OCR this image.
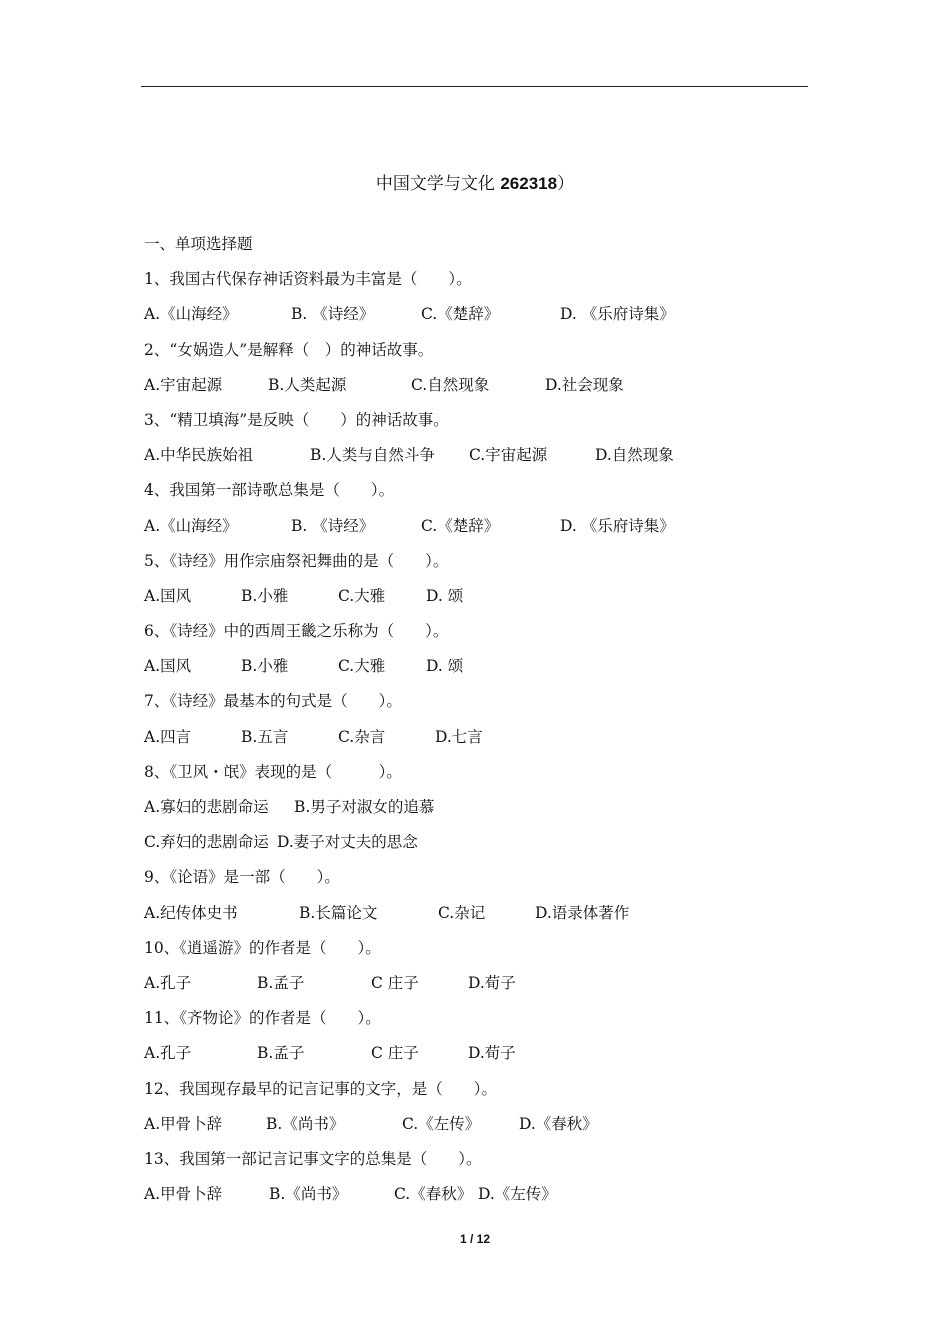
中国文学与文化 262318）
一、单项选择题
1、我国古代保存神话资料最为丰富是（　　）。
A.《山海经》	B. 《诗经》	C.《楚辞》	D. 《乐府诗集》
2、“女娲造人”是解释（　）的神话故事。
A.宇宙起源	B.人类起源	C.自然现象	D.社会现象
3、“精卫填海”是反映（　　）的神话故事。
A.中华民族始祖	B.人类与自然斗争 C.宇宙起源	D.自然现象
4、我国第一部诗歌总集是（　　）。
A.《山海经》	B. 《诗经》	C.《楚辞》	D. 《乐府诗集》
5、《诗经》用作宗庙祭祀舞曲的是（　　）。
A.国风	B.小雅	C.大雅	D. 颂
6、《诗经》中的西周王畿之乐称为（　　）。
A.国风	B.小雅	C.大雅	D. 颂
7、《诗经》最基本的句式是（　　）。
A.四言	B.五言	C.杂言	D.七言
8、《卫风・氓》表现的是（　　　）。
A.寡妇的悲剧命运 B.男子对淑女的追慕
C.弃妇的悲剧命运 D.妻子对丈夫的思念
9、《论语》是一部（　　）。
A.纪传体史书	B.长篇论文	C.杂记	D.语录体著作
10、《逍遥游》的作者是（　　）。
A.孔子	B.孟子	C 庄子	D.荀子
11、《齐物论》的作者是（　　）。
A.孔子	B.孟子	C 庄子	D.荀子
12、我国现存最早的记言记事的文字，是（　　）。
A.甲骨卜辞	B.《尚书》	C.《左传》	D.《春秋》
13、我国第一部记言记事文字的总集是（　　）。
A.甲骨卜辞	B.《尚书》	C.《春秋》 D.《左传》
1 / 12
